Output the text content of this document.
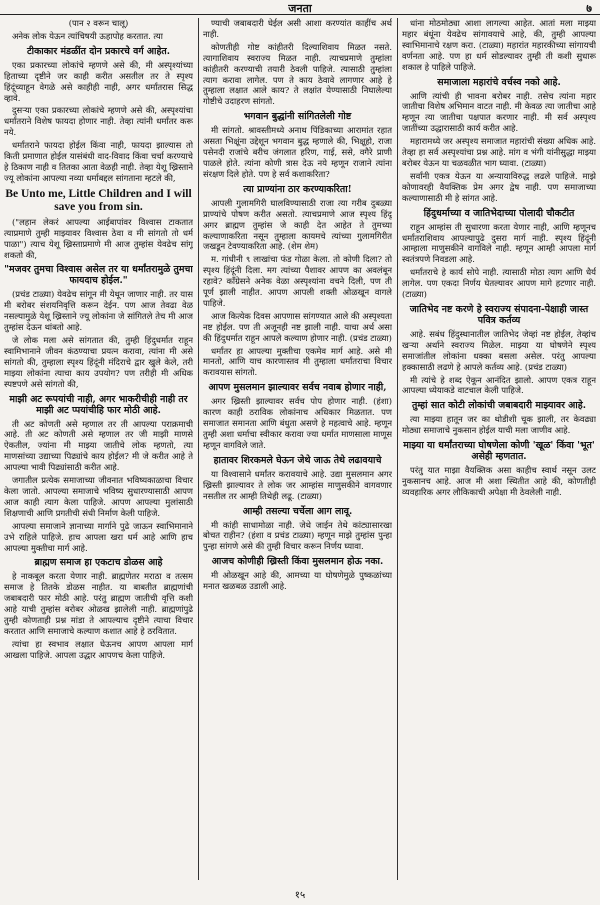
जनता	७
(पान २ वरून चालू)
अनेक लोक येऊन त्यांचिषयी ऊहापोह करतात. त्या
टीकाकार मंडळींत दोन प्रकारचे वर्ग आहेत.
एका प्रकारच्या लोकांचे म्हणणे असे की, मी अस्पृश्यांच्या हिताच्या दृष्टीने जर काही करीत असतील तर ते स्पृश्य हिंदूंच्याहून वेगळे असे काहीही नाही, अगर धर्मांतरास सिद्ध व्हावे.
दुसऱ्या एका प्रकारच्या लोकांचे म्हणणे असे की, अस्पृश्यांचा धर्मांतराने विशेष फायदा होणार नाही. तेव्हा त्यांनी धर्मांतर करू नये.
धर्मांतराने फायदा होईल किंवा नाही, फायदा झाल्यास तो किती प्रमाणात होईल यासंबंधी वाद-विवाद किंवा चर्चा करण्याचे हे ठिकाण नाही व तितका आता वेळही नाही. तेव्हा येशू ख्रिस्ताने ज्यू लोकांना आपल्या नव्या धर्माबद्दल सांगताना म्हटले की,
Be Unto me, Little Children and I will save you from sin.
("लहान लेकरं आपल्या आईबापांवर विश्वास टाकतात त्याप्रमाणे तुम्ही माझ्यावर विश्वास ठेवा व मी सांगतो तो धर्म पाळा") त्याच येशू ख्रिस्ताप्रमाणे मी आज तुम्हांस येवढेच सांगू शकतो की,
"मजवर तुमचा विश्वास असेल तर या धर्मांतरामुळे तुमचा फायदाच होईल."
(प्रचंड टाळ्या) येवढेच सांगून मी येथून जाणार नाही. तर यास मी बरोबर संशयनिवृत्ति करून देईन. पण आज तेवढा वेळ नसल्यामुळे येशू ख्रिस्ताने ज्यू लोकांना जे सांगितले तेच मी आज तुम्हांस देऊन थांबतो आहे.
जे लोक मला असे सांगतात की, तुम्ही हिंदुधर्मात राहून स्वामिभानाने जीवन कंठण्याचा प्रयत्न करावा, त्यांना मी असे सांगतो की, तुम्हाला स्पृश्य हिंदूंनी मंदिराचे द्वार खुले केले, तरी माझ्या लोकांना त्याचा काय उपयोग? पण तरीही मी अधिक स्पष्टपणे असे सांगतो की,
माझी अट रूपयांची नाही, अगर भाकरीचीही नाही तर माझी अट प्पयांचीहि फार मोठी आहे.
ती अट कोणती असे म्हणाल तर ती आपल्या पराक्रमाची आहे. ती अट कोणती असे म्हणाल तर जी माझी माणसे ऐकतील, ज्यांना मी माझ्या जातीचे लोक म्हणतो, त्या माणसांच्या उद्याच्या पिढ्यांचे काय होईल? मी जे करीत आहे ते आपल्या भावी पिढ्यांसाठी करीत आहे.
जगातील प्रत्येक समाजाच्या जीवनात भविष्यकाळाचा विचार केला जातो. आपल्या समाजाचे भविष्य सुधारण्यासाठी आपण आज काही त्याग केला पाहिजे. आपण आपल्या मुलांसाठी शिक्षणाची आणि प्रगतीची संधी निर्माण केली पाहिजे.
आपल्या समाजाने ज्ञानाच्या मार्गाने पुढे जाऊन स्वाभिमानाने उभे राहिले पाहिजे. हाच आपला खरा धर्म आहे आणि हाच आपल्या मुक्तीचा मार्ग आहे.
ब्राह्मण समाज हा एकटाच डोळस आहे
हे नाकबूल करता येणार नाही. ब्राह्मणेतर मराठा व तत्सम समाज हे तितके डोळस नाहीत. या बाबतीत ब्राह्मणांची जबाबदारी फार मोठी आहे. परंतु ब्राह्मण जातीची वृत्ति कशी आहे याची तुम्हांस बरोबर ओळख झालेली नाही. ब्राह्मणांपुढे तुम्ही कोणताही प्रश्न मांडा ते आपल्याच दृष्टीने त्याचा विचार करतात आणि समाजाचे कल्याण कशात आहे हे ठरवितात.
त्यांचा हा स्वभाव लक्षात घेऊनच आपण आपला मार्ग आखला पाहिजे. आपला उद्धार आपणच केला पाहिजे.
ण्याची जबाबदारी घेईल असी आशा करण्यांत काहींच अर्थ नाही.
कोणतीही गोष्ट कांहीतरी दिल्याशिवाय मिळत नसते. त्यागाशिवाय स्वराज्य मिळत नाही. त्याचप्रमाणे तुम्हांला कांहीतरी करण्याची तयारी ठेवली पाहिजे. त्यासाठी तुम्हांला त्याग करावा लागेल. पण ते काय ठेवावे लागणार आहे हे तुम्हाला लक्षात आले काय? ते लक्षांत येण्यासाठी निघालेल्या गोष्टीचे उदाहरण सांगतो.
भगवान बुद्धांनी सांगितलेली गोष्ट
मी सांगतो. श्रावस्तीमध्ये अनाथ पिंडिकाच्या आरामांत रहात असता भिक्षूंना उद्देशून भगवान बुद्ध म्हणाले की, भिक्षूहो, राजा पसेनदी राजांचे बरीच जंगलात हरिण, गाई, ससे, वगैरे प्राणी पाळले होते. त्यांना कोणी त्रास देऊ नये म्हणून राजाने त्यांना संरक्षण दिले होते. पण हे सर्व कशाकरिता?
त्या प्राण्यांना ठार करण्याकरिता!
आपली गुलामगिरी घालविण्यासाठी राजा त्या गरीब दुबळ्या प्राण्यांचे पोषण करीत असतो. त्याचप्रमाणे आज स्पृश्य हिंदू अगर ब्राह्मण तुम्हांस जे काही देत आहेत ते तुमच्या कल्याणाकरिता नसून तुम्हाला कायमचे त्यांच्या गुलामगिरीत जखडून टेवण्याकरिता आहे. (शेम शेम)
म. गांधीनी ९ लाखांचा फंड गोळा केला. तो कोणी दिला? तो स्पृश्य हिंदूंनी दिला. मग त्यांच्या पैशावर आपण का अवलंबून रहावे? काँग्रेसने अनेक वेळा अस्पृश्यांना वचने दिली, पण ती पूर्ण झाली नाहीत. आपण आपली शक्ती ओळखून वागले पाहिजे.
आज कित्येक दिवस आपणास सांगण्यात आले की अस्पृश्यता नष्ट होईल. पण ती अजूनही नष्ट झाली नाही. याचा अर्थ असा की हिंदुधर्मात राहून आपले कल्याण होणार नाही. (प्रचंड टाळ्या)
धर्मांतर हा आपल्या मुक्तीचा एकमेव मार्ग आहे. असे मी मानतो, आणि याच कारणास्तव मी तुम्हाला धर्मांतराचा विचार करावयास सांगतो.
आपण मुसलमान झाल्यावर सर्वच नवाब होणार नाही,
अगर ख्रिस्ती झाल्यावर सर्वच पोप होणार नाही. (हंशा) कारण काही ठराविक लोकांनाच अधिकार मिळतात. पण समाजात समानता आणि बंधुता असणे हे महत्वाचे आहे. म्हणून तुम्ही अशा धर्माचा स्वीकार करावा ज्या धर्मात माणसाला माणूस म्हणून वागविले जाते.
हातावर शिरकमले घेऊन जेथे जाऊ तेथे लढावयाचे
या विश्वासाने धर्मांतर करावयाचे आहे. उद्या मुसलमान अगर ख्रिस्ती झाल्यावर ते लोक जर आम्हांस माणुसकीने वागवणार नसतील तर आम्ही तिथेही लढू. (टाळ्या)
आम्ही तसल्या चर्चेला आग लावू.
मी कांही साधामोळा नाही. जेथे जाईन तेथे कांट्यासारखा बोचत राहीन? (हंशा व प्रचंड टाळ्या) म्हणून माझे तुम्हांस पुन्हा पुन्हा सांगणे असे की तुम्ही विचार करून निर्णय घ्यावा.
आजच कोणीही ख्रिस्ती किंवा मुसलमान होऊ नका.
मी ओळखून आहे की, आमच्या या घोषणेमुळे पुष्कळांच्या मनात खळबळ उडाली आहे.
धांना मोठमोठ्या आशा लागल्या आहेत. आतां मला माझ्या महार बंधूंना येवढेच सांगावयाचे आहे, की, तुम्ही आपल्या स्वाभिमानाचे रक्षण करा. (टाळ्या) महारांत महारकीच्या सांगायची वर्णनता आहे. पण हा धर्म सोडल्यावर तुम्ही ती कशी सुधारू शकाल हे पाहिले पाहिजे.
समाजाला महारांचे वर्चस्व नको आहे.
आणि त्यांची ही भावना बरोबर नाही. तसेच त्यांना महार जातीचा विशेष अभिमान वाटत नाही. मी केवळ त्या जातीचा आहे म्हणून त्या जातीचा पक्षपात करणार नाही. मी सर्व अस्पृश्य जातींच्या उद्धारासाठी कार्य करीत आहे.
महारामध्ये जर अस्पृश्य समाजात महारांची संख्या अधिक आहे. तेव्हा हा सर्व अस्पृश्यांचा प्रश्न आहे. मांग व भंगी यांनीसुद्धा माझ्या बरोबर येऊन या चळवळीत भाग घ्यावा. (टाळ्या)
सर्वांनी एकत्र येऊन या अन्यायाविरुद्ध लढले पाहिजे. माझे कोणावरही वैयक्तिक प्रेम अगर द्वेष नाही. पण समाजाच्या कल्याणासाठी मी हे सांगत आहे.
हिंदुधर्माच्या व जातिभेदाच्या पोलादी चौकटीत
राहून आम्हांस ती सुधारणा करता येणार नाही, आणि म्हणूनच धर्मांतराशिवाय आपल्यापुढे दुसरा मार्ग नाही. स्पृश्य हिंदूंनी आम्हाला माणुसकीने वागविले नाही. म्हणून आम्ही आपला मार्ग स्वतंत्रपणे निवडला आहे.
धर्मांतराचे हे कार्य सोपे नाही. त्यासाठी मोठा त्याग आणि धैर्य लागेल. पण एकदा निर्णय घेतल्यावर आपण मागे हटणार नाही. (टाळ्या)
जातिभेद नष्ट करणे हे स्वराज्य संपादना-पेक्षाही जास्त पवित्र कर्तव्य
आहे. सबंध हिंदुस्थानातील जातिभेद जेव्हां नष्ट होईल, तेव्हांच खऱ्या अर्थाने स्वराज्य मिळेल. माझ्या या घोषणेने स्पृश्य समाजांतील लोकांना धक्का बसला असेल. परंतु आपल्या हक्कासाठी लढणे हे आपले कर्तव्य आहे. (प्रचंड टाळ्या)
मी त्यांचे हे शब्द ऐकून आनंदित झालो. आपण एकत्र राहून आपल्या ध्येयाकडे वाटचाल केली पाहिजे.
तुम्हां सात कोटी लोकांची जबाबदारी माझ्यावर आहे.
त्या माझ्या हातून जर का थोडीशी चूक झाली, तर केवढ्या मोठ्या समाजाचे नुकसान होईल याची मला जाणीव आहे.
माझ्या या धर्मांतराच्या घोषणेला कोणी 'खूळ' किंवा 'भूत' असेही म्हणतात.
परंतु यात माझा वैयक्तिक असा काहीच स्वार्थ नसून उलट नुकसानच आहे. आज मी अशा स्थितीत आहे की, कोणतीही व्यवहारिक अगर लौकिकाची अपेक्षा मी ठेवलेली नाही.
१५
